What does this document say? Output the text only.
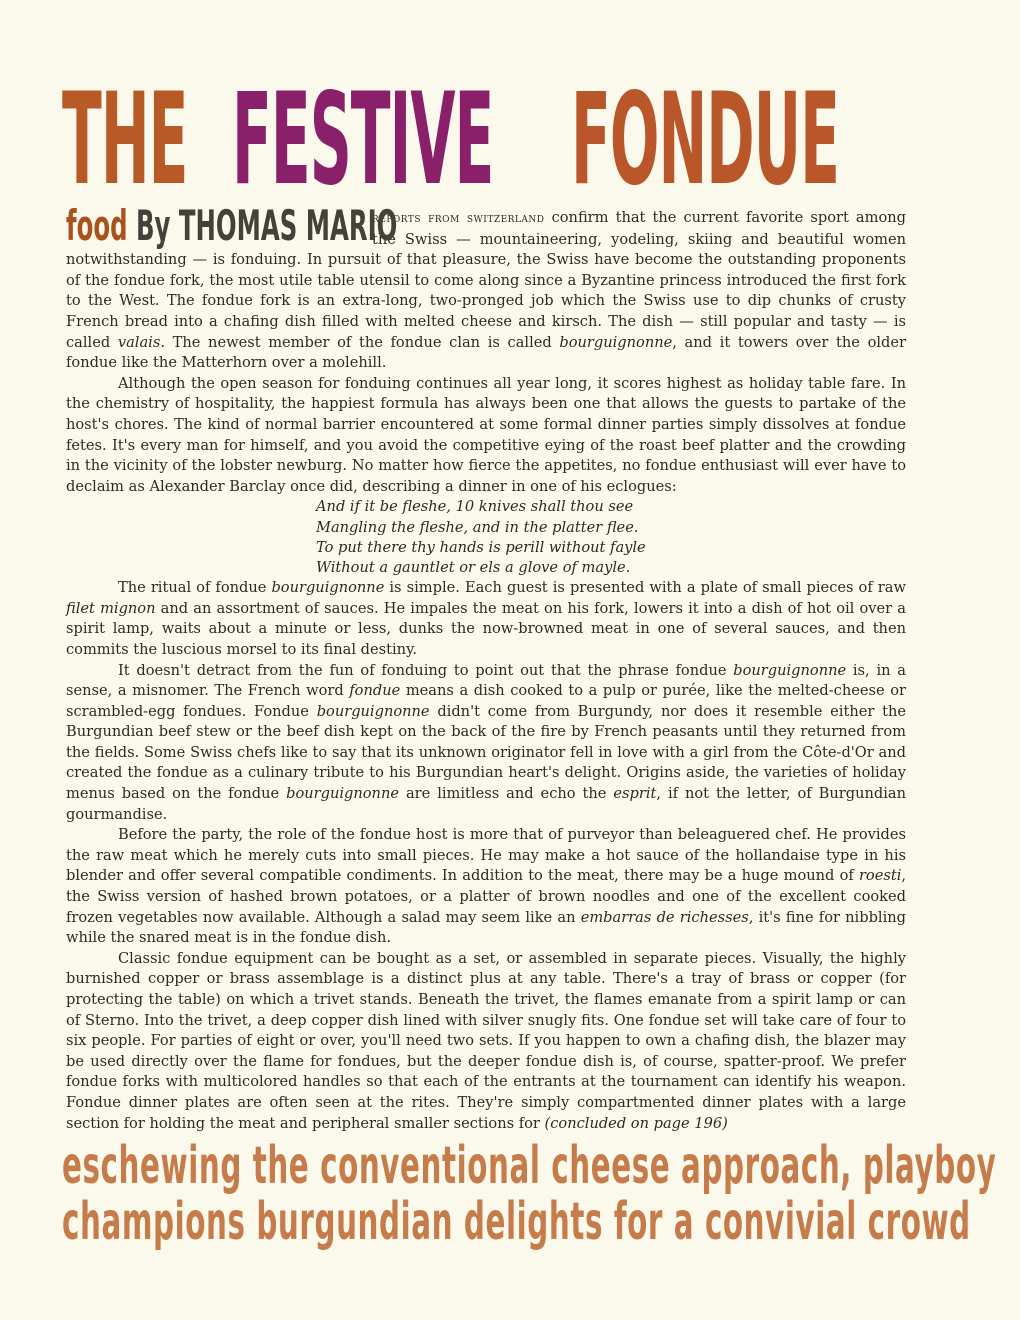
THE FESTIVE FONDUE
food By THOMAS MARIO

reports from switzerland confirm that the current favorite sport among the Swiss — mountaineering, yodeling, skiing and beautiful women notwithstanding — is fonduing. In pursuit of that pleasure, the Swiss have become the outstanding proponents of the fondue fork, the most utile table utensil to come along since a Byzantine princess introduced the first fork to the West. The fondue fork is an extra-long, two-pronged job which the Swiss use to dip chunks of crusty French bread into a chafing dish filled with melted cheese and kirsch. The dish — still popular and tasty — is called valais. The newest member of the fondue clan is called bourguignonne, and it towers over the older fondue like the Matterhorn over a molehill.

Although the open season for fonduing continues all year long, it scores highest as holiday table fare. In the chemistry of hospitality, the happiest formula has always been one that allows the guests to partake of the host's chores. The kind of normal barrier encountered at some formal dinner parties simply dissolves at fondue fetes. It's every man for himself, and you avoid the competitive eying of the roast beef platter and the crowding in the vicinity of the lobster newburg. No matter how fierce the appetites, no fondue enthusiast will ever have to declaim as Alexander Barclay once did, describing a dinner in one of his eclogues:

And if it be fleshe, 10 knives shall thou see
Mangling the fleshe, and in the platter flee.
To put there thy hands is perill without fayle
Without a gauntlet or els a glove of mayle.

The ritual of fondue bourguignonne is simple. Each guest is presented with a plate of small pieces of raw filet mignon and an assortment of sauces. He impales the meat on his fork, lowers it into a dish of hot oil over a spirit lamp, waits about a minute or less, dunks the now-browned meat in one of several sauces, and then commits the luscious morsel to its final destiny.

It doesn't detract from the fun of fonduing to point out that the phrase fondue bourguignonne is, in a sense, a misnomer. The French word fondue means a dish cooked to a pulp or purée, like the melted-cheese or scrambled-egg fondues. Fondue bourguignonne didn't come from Burgundy, nor does it resemble either the Burgundian beef stew or the beef dish kept on the back of the fire by French peasants until they returned from the fields. Some Swiss chefs like to say that its unknown originator fell in love with a girl from the Côte-d'Or and created the fondue as a culinary tribute to his Burgundian heart's delight. Origins aside, the varieties of holiday menus based on the fondue bourguignonne are limitless and echo the esprit, if not the letter, of Burgundian gourmandise.

Before the party, the role of the fondue host is more that of purveyor than beleaguered chef. He provides the raw meat which he merely cuts into small pieces. He may make a hot sauce of the hollandaise type in his blender and offer several compatible condiments. In addition to the meat, there may be a huge mound of roesti, the Swiss version of hashed brown potatoes, or a platter of brown noodles and one of the excellent cooked frozen vegetables now available. Although a salad may seem like an embarras de richesses, it's fine for nibbling while the snared meat is in the fondue dish.

Classic fondue equipment can be bought as a set, or assembled in separate pieces. Visually, the highly burnished copper or brass assemblage is a distinct plus at any table. There's a tray of brass or copper (for protecting the table) on which a trivet stands. Beneath the trivet, the flames emanate from a spirit lamp or can of Sterno. Into the trivet, a deep copper dish lined with silver snugly fits. One fondue set will take care of four to six people. For parties of eight or over, you'll need two sets. If you happen to own a chafing dish, the blazer may be used directly over the flame for fondues, but the deeper fondue dish is, of course, spatter-proof. We prefer fondue forks with multicolored handles so that each of the entrants at the tournament can identify his weapon. Fondue dinner plates are often seen at the rites. They're simply compartmented dinner plates with a large section for holding the meat and peripheral smaller sections for (concluded on page 196)

eschewing the conventional cheese approach, playboy
champions burgundian delights for a convivial crowd
